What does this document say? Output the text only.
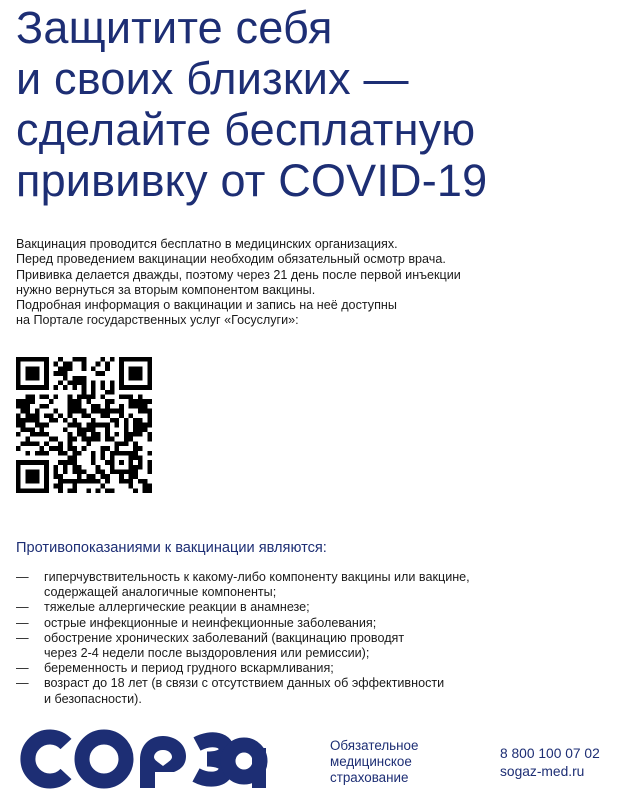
Защитите себя
и своих близких —
сделайте бесплатную
прививку от COVID-19
Вакцинация проводится бесплатно в медицинских организациях.
Перед проведением вакцинации необходим обязательный осмотр врача.
Прививка делается дважды, поэтому через 21 день после первой инъекции
нужно вернуться за вторым компонентом вакцины.
Подробная информация о вакцинации и запись на неё доступны
на Портале государственных услуг «Госуслуги»:
Противопоказаниями к вакцинации являются:
— гиперчувствительность к какому-либо компоненту вакцины или вакцине,
содержащей аналогичные компоненты;
— тяжелые аллергические реакции в анамнезе;
— острые инфекционные и неинфекционные заболевания;
— обострение хронических заболеваний (вакцинацию проводят
через 2-4 недели после выздоровления или ремиссии);
— беременность и период грудного вскармливания;
— возраст до 18 лет (в связи с отсутствием данных об эффективности
и безопасности).
согаз
Обязательное
медицинское
страхование
8 800 100 07 02
sogaz-med.ru
